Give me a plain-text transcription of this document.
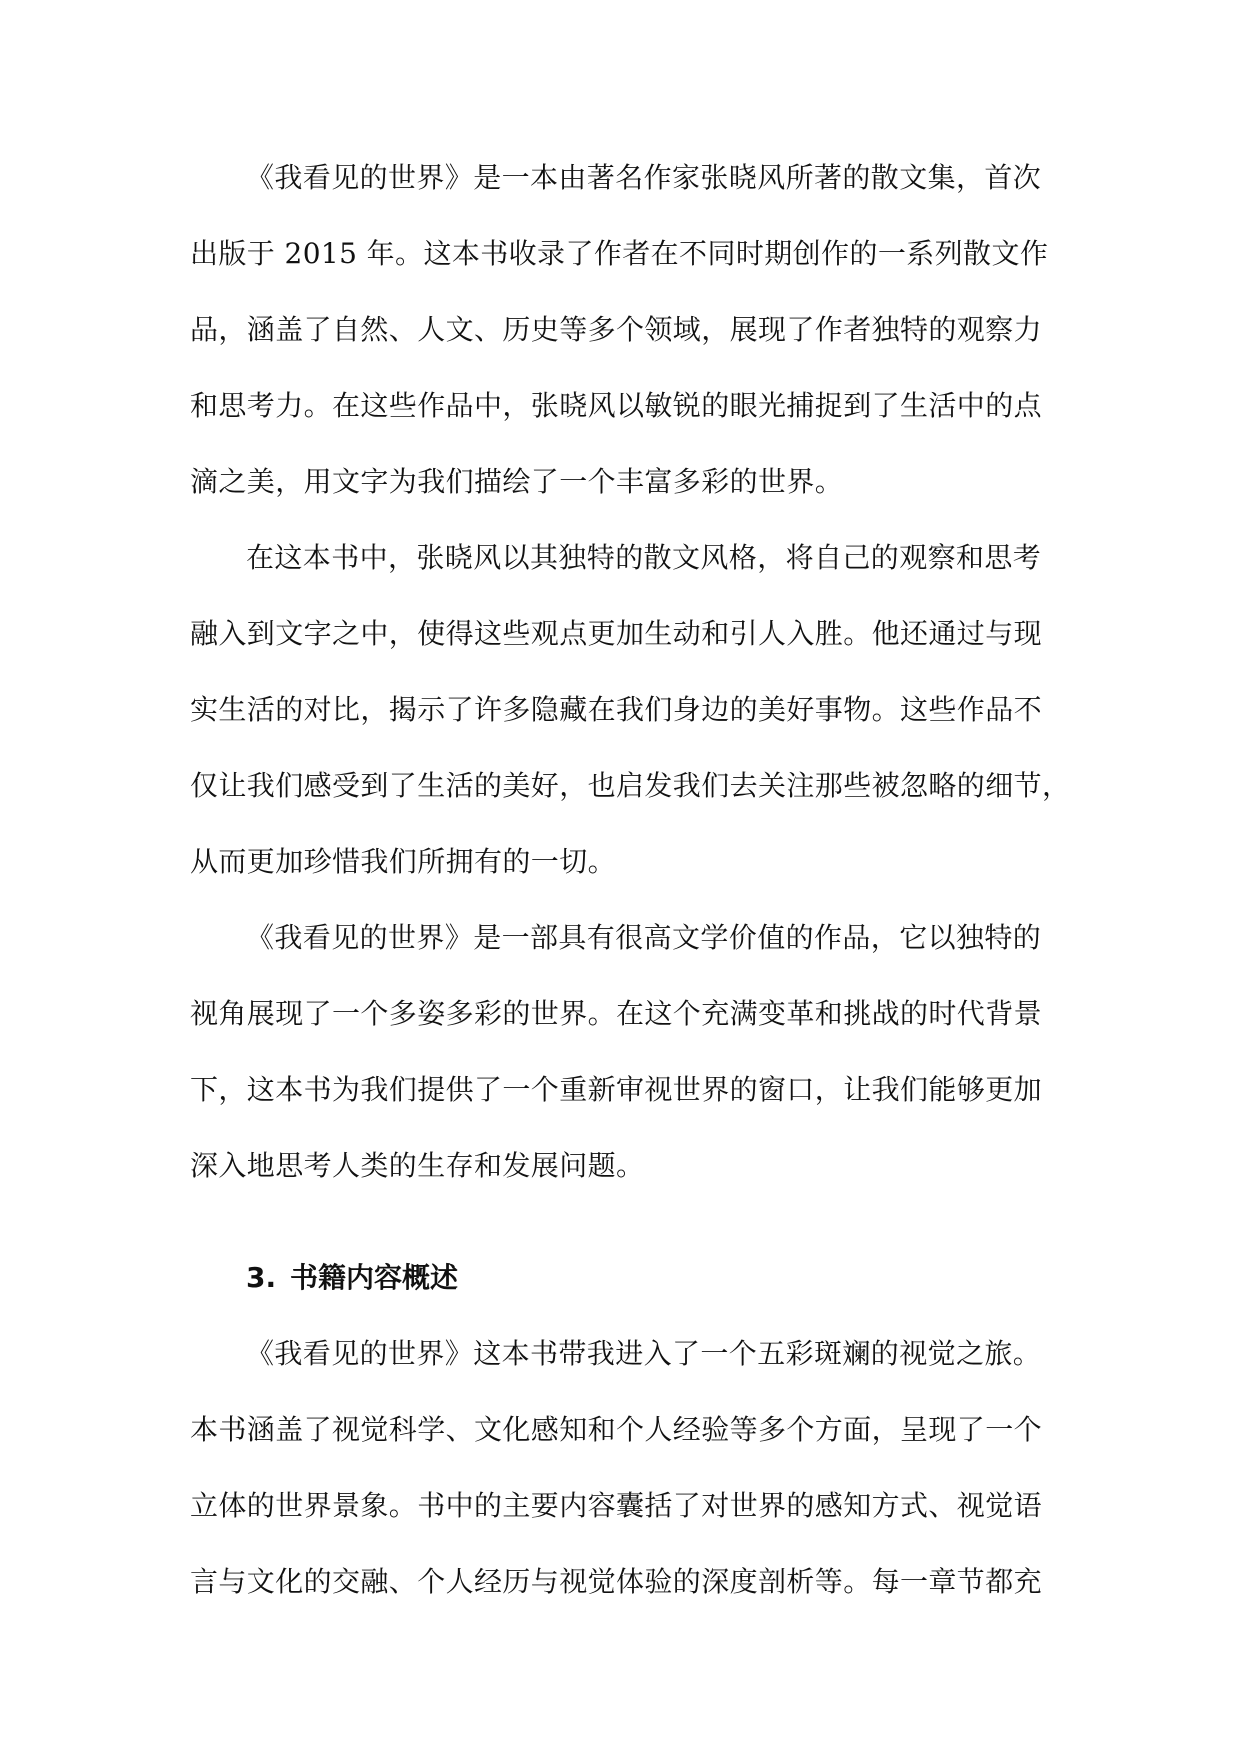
《我看见的世界》是一本由著名作家张晓风所著的散文集，首次
出版于 2015 年。这本书收录了作者在不同时期创作的一系列散文作
品，涵盖了自然、人文、历史等多个领域，展现了作者独特的观察力
和思考力。在这些作品中，张晓风以敏锐的眼光捕捉到了生活中的点
滴之美，用文字为我们描绘了一个丰富多彩的世界。
在这本书中，张晓风以其独特的散文风格，将自己的观察和思考
融入到文字之中，使得这些观点更加生动和引人入胜。他还通过与现
实生活的对比，揭示了许多隐藏在我们身边的美好事物。这些作品不
仅让我们感受到了生活的美好，也启发我们去关注那些被忽略的细节，
从而更加珍惜我们所拥有的一切。
《我看见的世界》是一部具有很高文学价值的作品，它以独特的
视角展现了一个多姿多彩的世界。在这个充满变革和挑战的时代背景
下，这本书为我们提供了一个重新审视世界的窗口，让我们能够更加
深入地思考人类的生存和发展问题。
3. 书籍内容概述
《我看见的世界》这本书带我进入了一个五彩斑斓的视觉之旅。
本书涵盖了视觉科学、文化感知和个人经验等多个方面，呈现了一个
立体的世界景象。书中的主要内容囊括了对世界的感知方式、视觉语
言与文化的交融、个人经历与视觉体验的深度剖析等。每一章节都充
